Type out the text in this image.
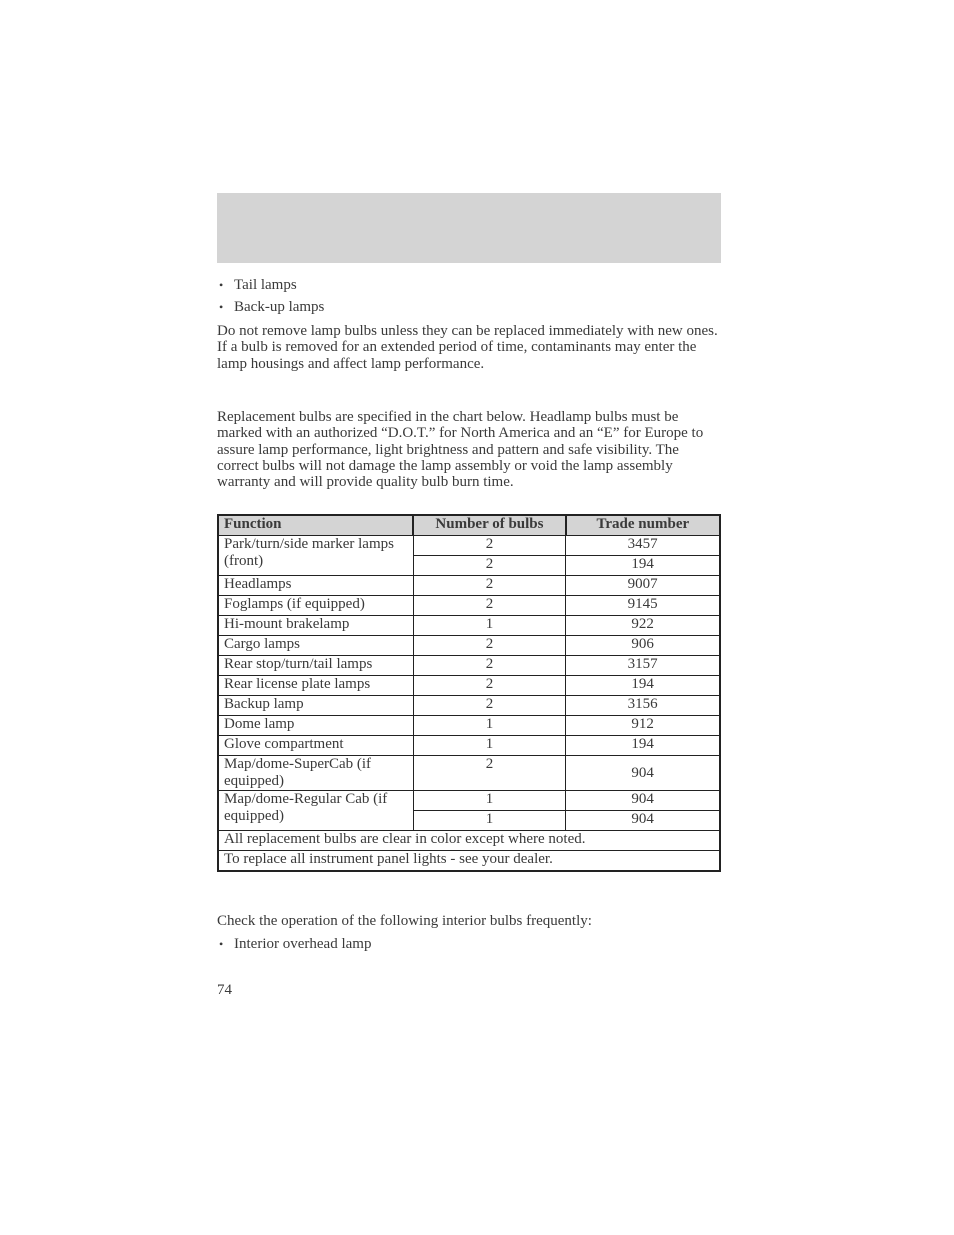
• Tail lamps
• Back-up lamps
Do not remove lamp bulbs unless they can be replaced immediately with new ones. If a bulb is removed for an extended period of time, contaminants may enter the lamp housings and affect lamp performance.
Replacement bulbs are specified in the chart below. Headlamp bulbs must be marked with an authorized “D.O.T.” for North America and an “E” for Europe to assure lamp performance, light brightness and pattern and safe visibility. The correct bulbs will not damage the lamp assembly or void the lamp assembly warranty and will provide quality bulb burn time.
Function	Number of bulbs	Trade number
Park/turn/side marker lamps (front)	2	3457
	2	194
Headlamps	2	9007
Foglamps (if equipped)	2	9145
Hi-mount brakelamp	1	922
Cargo lamps	2	906
Rear stop/turn/tail lamps	2	3157
Rear license plate lamps	2	194
Backup lamp	2	3156
Dome lamp	1	912
Glove compartment	1	194
Map/dome-SuperCab (if equipped)	2	904
Map/dome-Regular Cab (if equipped)	1	904
	1	904
All replacement bulbs are clear in color except where noted.		
To replace all instrument panel lights - see your dealer.		
Check the operation of the following interior bulbs frequently:
• Interior overhead lamp
74
